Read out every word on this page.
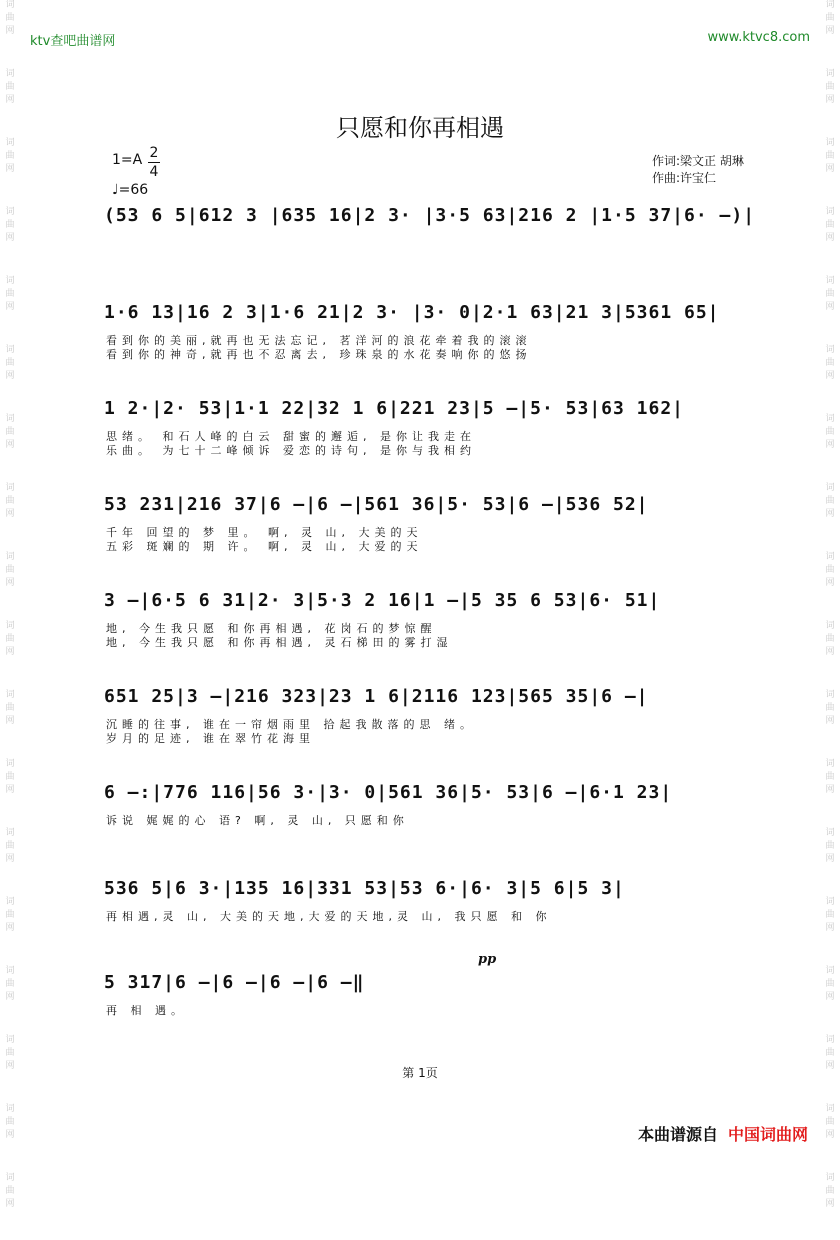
词
曲
网
词
曲
网
词
曲
网
词
曲
网
词
曲
网
词
曲
网
词
曲
网
词
曲
网
词
曲
网
词
曲
网
词
曲
网
词
曲
网
词
曲
网
词
曲
网
词
曲
网
词
曲
网
词
曲
网
词
曲
网
词
曲
网
词
曲
网
词
曲
网
词
曲
网
词
曲
网
词
曲
网
词
曲
网
词
曲
网
词
曲
网
词
曲
网
词
曲
网
词
曲
网
词
曲
网
词
曲
网
词
曲
网
词
曲
网
词
曲
网
词
曲
网
ktv查吧曲谱网	www.ktvc8.com
只愿和你再相遇
1=A 2
4
♩=66
作词:梁文正 胡琳
作曲:许宝仁
(53 6 5|612 3 |635 16|2 3· |3·5 63|216 2 |1·5 37|6· –)|
1·6 13|16 2 3|1·6 21|2 3· |3· 0|2·1 63|21 3|5361 65|
看到你的美丽,就再也无法忘记, 茗洋河的浪花牵着我的滚滚
看到你的神奇,就再也不忍离去, 珍珠泉的水花奏响你的悠扬
1 2·|2· 53|1·1 22|32 1 6|221 23|5 –|5· 53|63 162|
思绪。 和石人峰的白云 甜蜜的邂逅, 是你让我走在
乐曲。 为七十二峰倾诉 爱恋的诗句, 是你与我相约
53 231|216 37|6 –|6 –|561 36|5· 53|6 –|536 52|
千年 回望的 梦 里。 啊, 灵 山, 大美的天
五彩 斑斓的 期 许。 啊, 灵 山, 大爱的天
3 –|6·5 6 31|2· 3|5·3 2 16|1 –|5 35 6 53|6· 51|
地, 今生我只愿 和你再相遇, 花岗石的梦惊醒
地, 今生我只愿 和你再相遇, 灵石梯田的雾打湿
651 25|3 –|216 323|23 1 6|2116 123|565 35|6 –|
沉睡的往事, 谁在一帘烟雨里 拾起我散落的思 绪。
岁月的足迹, 谁在翠竹花海里
6 –:|776 116|56 3·|3· 0|561 36|5· 53|6 –|6·1 23|
诉说 娓娓的心 语? 啊, 灵 山, 只愿和你
536 5|6 3·|135 16|331 53|53 6·|6· 3|5 6|5 3|
再相遇,灵 山, 大美的天地,大爱的天地,灵 山, 我只愿 和 你
5 317|6 –|6 –|6 –|6 –‖
再 相 遇。
pp
第 1页
本曲谱源自 中国词曲网
